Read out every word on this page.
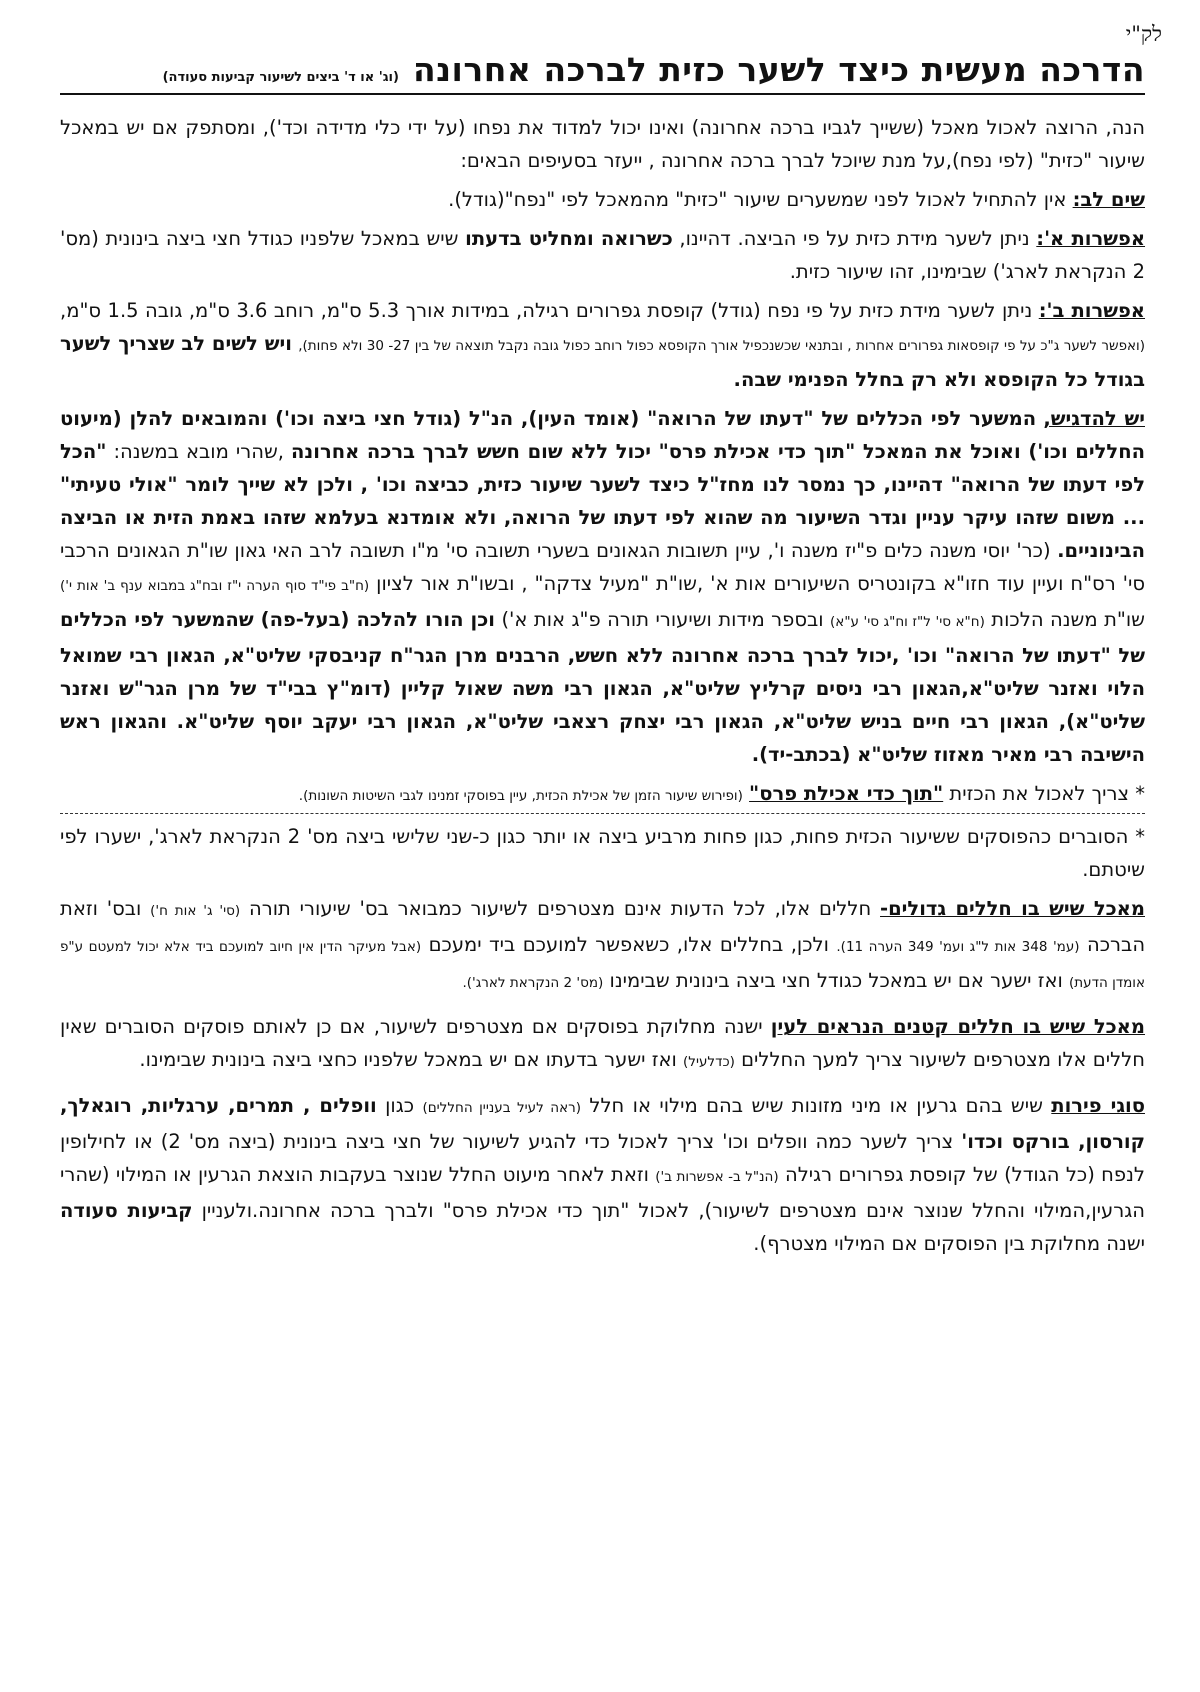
לק"י
הדרכה מעשית כיצד לשער כזית לברכה אחרונה
(וג' או ד' ביצים לשיעור קביעות סעודה)

הנה, הרוצה לאכול מאכל (ששייך לגביו ברכה אחרונה) ואינו יכול למדוד את נפחו (על ידי כלי מדידה וכד'), ומסתפק אם יש במאכל שיעור "כזית" (לפי נפח),על מנת שיוכל לברך ברכה אחרונה , ייעזר בסעיפים הבאים:

שים לב: אין להתחיל לאכול לפני שמשערים שיעור "כזית" מהמאכל לפי "נפח"(גודל).

אפשרות א': ניתן לשער מידת כזית על פי הביצה. דהיינו, כשרואה ומחליט בדעתו שיש במאכל שלפניו כגודל חצי ביצה בינונית (מס' 2 הנקראת לארג') שבימינו, זהו שיעור כזית.

אפשרות ב': ניתן לשער מידת כזית על פי נפח (גודל) קופסת גפרורים רגילה, במידות אורך 5.3 ס"מ, רוחב 3.6 ס"מ, גובה 1.5 ס"מ, (ואפשר לשער ג"כ על פי קופסאות גפרורים אחרות , ובתנאי שכשנכפיל אורך הקופסא כפול רוחב כפול גובה נקבל תוצאה של בין 27- 30 ולא פחות), ויש לשים לב שצריך לשער בגודל כל הקופסא ולא רק בחלל הפנימי שבה.

יש להדגיש, המשער לפי הכללים של "דעתו של הרואה" (אומד העין), הנ"ל (גודל חצי ביצה וכו') והמובאים להלן (מיעוט החללים וכו') ואוכל את המאכל "תוך כדי אכילת פרס" יכול ללא שום חשש לברך ברכה אחרונה ,שהרי מובא במשנה: "הכל לפי דעתו של הרואה" דהיינו, כך נמסר לנו מחז"ל כיצד לשער שיעור כזית, כביצה וכו' , ולכן לא שייך לומר "אולי טעיתי" ... משום שזהו עיקר עניין וגדר השיעור מה שהוא לפי דעתו של הרואה, ולא אומדנא בעלמא שזהו באמת הזית או הביצה הבינוניים. (כר' יוסי משנה כלים פ"יז משנה ו', עיין תשובות הגאונים בשערי תשובה סי' מ"ו תשובה לרב האי גאון שו"ת הגאונים הרכבי סי' רס"ח ועיין עוד חזו"א בקונטריס השיעורים אות א' ,שו"ת "מעיל צדקה" , ובשו"ת אור לציון (ח"ב פי"ד סוף הערה י"ז ובח"ג במבוא ענף ב' אות י') שו"ת משנה הלכות (ח"א סי' ל"ז וח"ג סי' ע"א) ובספר מידות ושיעורי תורה פ"ג אות א') וכן הורו להלכה (בעל-פה) שהמשער לפי הכללים של "דעתו של הרואה" וכו' ,יכול לברך ברכה אחרונה ללא חשש, הרבנים מרן הגר"ח קניבסקי שליט"א, הגאון רבי שמואל הלוי ואזנר שליט"א,הגאון רבי ניסים קרליץ שליט"א, הגאון רבי משה שאול קליין (דומ"ץ בבי"ד של מרן הגר"ש ואזנר שליט"א), הגאון רבי חיים בניש שליט"א, הגאון רבי יצחק רצאבי שליט"א, הגאון רבי יעקב יוסף שליט"א. והגאון ראש הישיבה רבי מאיר מאזוז שליט"א (בכתב-יד).

* צריך לאכול את הכזית "תוך כדי אכילת פרס" (ופירוש שיעור הזמן של אכילת הכזית, עיין בפוסקי זמנינו לגבי השיטות השונות).

* הסוברים כהפוסקים ששיעור הכזית פחות, כגון פחות מרביע ביצה או יותר כגון כ-שני שלישי ביצה מס' 2 הנקראת לארג', ישערו לפי שיטתם.

מאכל שיש בו חללים גדולים- חללים אלו, לכל הדעות אינם מצטרפים לשיעור כמבואר בס' שיעורי תורה (סי' ג' אות ח') ובס' וזאת הברכה (עמ' 348 אות ל"ג ועמ' 349 הערה 11). ולכן, בחללים אלו, כשאפשר למועכם ביד ימעכם (אבל מעיקר הדין אין חיוב למועכם ביד אלא יכול למעטם ע"פ אומדן הדעת) ואז ישער אם יש במאכל כגודל חצי ביצה בינונית שבימינו (מס' 2 הנקראת לארג').

מאכל שיש בו חללים קטנים הנראים לעין ישנה מחלוקת בפוסקים אם מצטרפים לשיעור, אם כן לאותם פוסקים הסוברים שאין חללים אלו מצטרפים לשיעור צריך למעך החללים (כדלעיל) ואז ישער בדעתו אם יש במאכל שלפניו כחצי ביצה בינונית שבימינו.

סוגי פירות שיש בהם גרעין או מיני מזונות שיש בהם מילוי או חלל (ראה לעיל בעניין החללים) כגון וופלים , תמרים, ערגליות, רוגאלך, קורסון, בורקס וכדו' צריך לשער כמה וופלים וכו' צריך לאכול כדי להגיע לשיעור של חצי ביצה בינונית (ביצה מס' 2) או לחילופין לנפח (כל הגודל) של קופסת גפרורים רגילה (הנ"ל ב- אפשרות ב') וזאת לאחר מיעוט החלל שנוצר בעקבות הוצאת הגרעין או המילוי (שהרי הגרעין,המילוי והחלל שנוצר אינם מצטרפים לשיעור), לאכול "תוך כדי אכילת פרס" ולברך ברכה אחרונה.ולעניין קביעות סעודה ישנה מחלוקת בין הפוסקים אם המילוי מצטרף).
